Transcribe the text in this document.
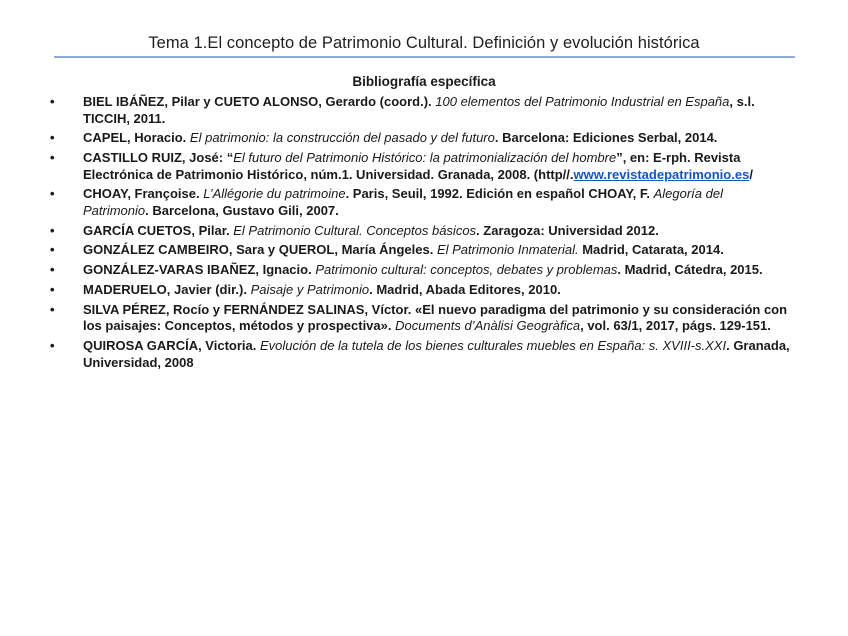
Tema 1.El concepto de Patrimonio Cultural. Definición y evolución histórica
Bibliografía específica
• BIEL IBÁÑEZ, Pilar y CUETO ALONSO, Gerardo (coord.). 100 elementos del Patrimonio Industrial en España, s.l. TICCIH, 2011.
• CAPEL, Horacio. El patrimonio: la construcción del pasado y del futuro. Barcelona: Ediciones Serbal, 2014.
• CASTILLO RUIZ, José: “El futuro del Patrimonio Histórico: la patrimonialización del hombre”, en: E-rph. Revista Electrónica de Patrimonio Histórico, núm.1. Universidad. Granada, 2008. (http//.www.revistadepatrimonio.es/
• CHOAY, Françoise. L’Allégorie du patrimoine. Paris, Seuil, 1992. Edición en español CHOAY, F. Alegoría del Patrimonio. Barcelona, Gustavo Gili, 2007.
• GARCÍA CUETOS, Pilar. El Patrimonio Cultural. Conceptos básicos. Zaragoza: Universidad 2012.
• GONZÁLEZ CAMBEIRO, Sara y QUEROL, María Ángeles. El Patrimonio Inmaterial. Madrid, Catarata, 2014.
• GONZÁLEZ-VARAS IBAÑEZ, Ignacio. Patrimonio cultural: conceptos, debates y problemas. Madrid, Cátedra, 2015.
• MADERUELO, Javier (dir.). Paisaje y Patrimonio. Madrid, Abada Editores, 2010.
• SILVA PÉREZ, Rocío y FERNÁNDEZ SALINAS, Víctor. «El nuevo paradigma del patrimonio y su consideración con los paisajes: Conceptos, métodos y prospectiva». Documents d’Anàlisi Geogràfica, vol. 63/1, 2017, págs. 129-151.
• QUIROSA GARCÍA, Victoria. Evolución de la tutela de los bienes culturales muebles en España: s. XVIII-s.XXI. Granada, Universidad, 2008
